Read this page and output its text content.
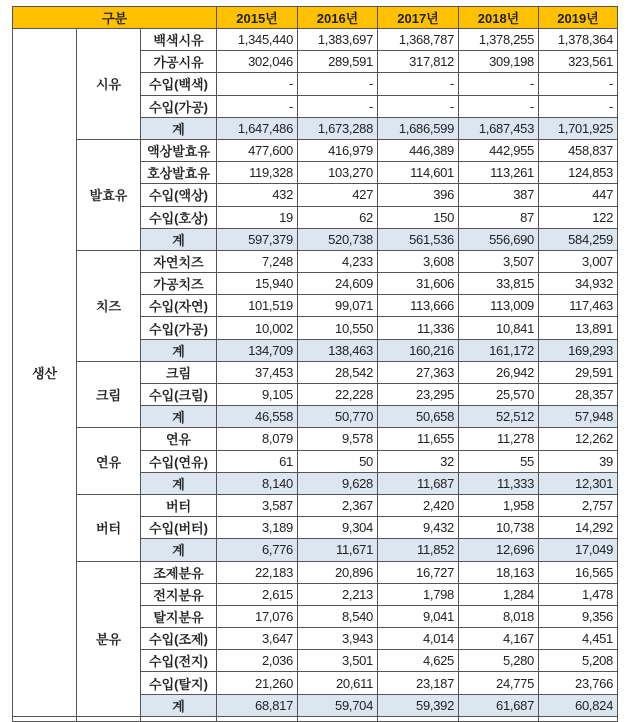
구분			2015년	2016년	2017년	2018년	2019년
생산	시유	백색시유	1,345,440	1,383,697	1,368,787	1,378,255	1,378,364
		가공시유	302,046	289,591	317,812	309,198	323,561
		수입(백색)	-	-	-	-	-
		수입(가공)	-	-	-	-	-
		계	1,647,486	1,673,288	1,686,599	1,687,453	1,701,925
	발효유	액상발효유	477,600	416,979	446,389	442,955	458,837
		호상발효유	119,328	103,270	114,601	113,261	124,853
		수입(액상)	432	427	396	387	447
		수입(호상)	19	62	150	87	122
		계	597,379	520,738	561,536	556,690	584,259
	치즈	자연치즈	7,248	4,233	3,608	3,507	3,007
		가공치즈	15,940	24,609	31,606	33,815	34,932
		수입(자연)	101,519	99,071	113,666	113,009	117,463
		수입(가공)	10,002	10,550	11,336	10,841	13,891
		계	134,709	138,463	160,216	161,172	169,293
	크림	크림	37,453	28,542	27,363	26,942	29,591
		수입(크림)	9,105	22,228	23,295	25,570	28,357
		계	46,558	50,770	50,658	52,512	57,948
	연유	연유	8,079	9,578	11,655	11,278	12,262
		수입(연유)	61	50	32	55	39
		계	8,140	9,628	11,687	11,333	12,301
	버터	버터	3,587	2,367	2,420	1,958	2,757
		수입(버터)	3,189	9,304	9,432	10,738	14,292
		계	6,776	11,671	11,852	12,696	17,049
	분유	조제분유	22,183	20,896	16,727	18,163	16,565
		전지분유	2,615	2,213	1,798	1,284	1,478
		탈지분유	17,076	8,540	9,041	8,018	9,356
		수입(조제)	3,647	3,943	4,014	4,167	4,451
		수입(전지)	2,036	3,501	4,625	5,280	5,208
		수입(탈지)	21,260	20,611	23,187	24,775	23,766
		계	68,817	59,704	59,392	61,687	60,824
